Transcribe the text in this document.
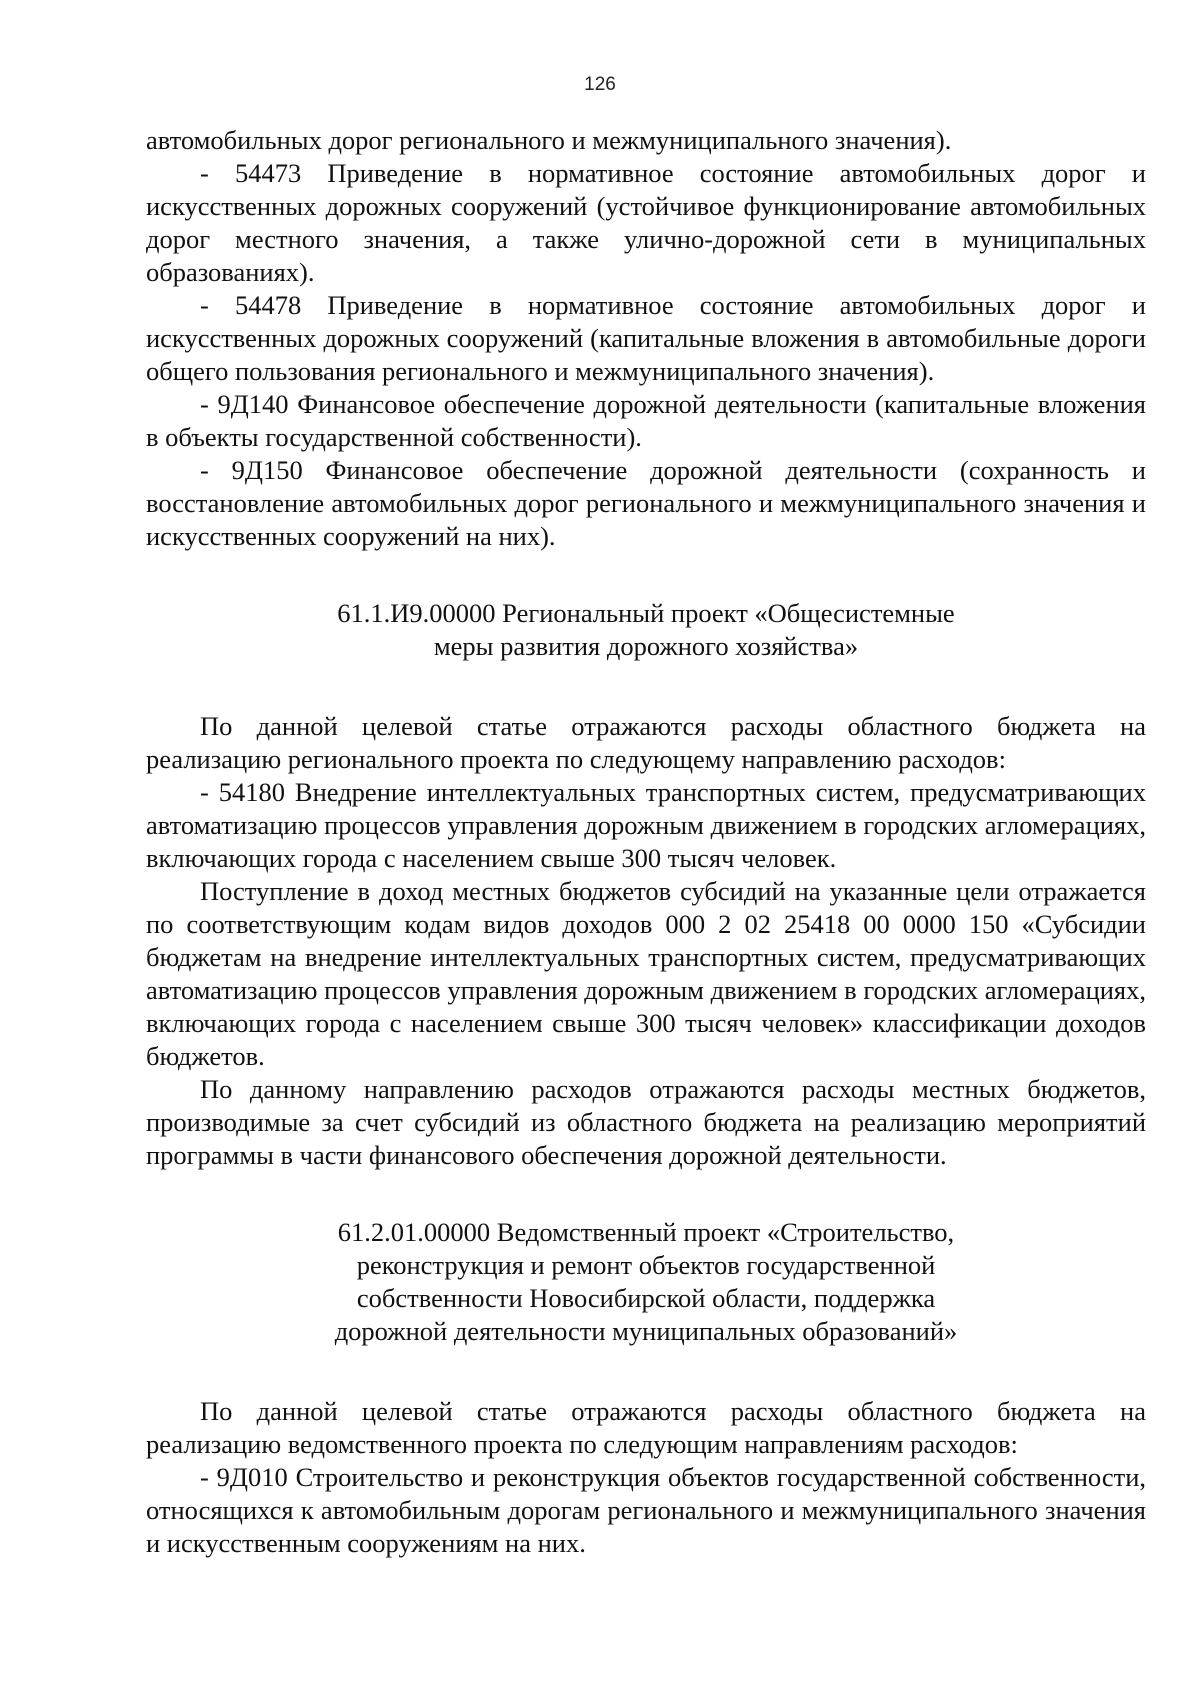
126

автомобильных дорог регионального и межмуниципального значения).

- 54473 Приведение в нормативное состояние автомобильных дорог и искусственных дорожных сооружений (устойчивое функционирование автомобильных дорог местного значения, а также улично-дорожной сети в муниципальных образованиях).

- 54478 Приведение в нормативное состояние автомобильных дорог и искусственных дорожных сооружений (капитальные вложения в автомобильные дороги общего пользования регионального и межмуниципального значения).

- 9Д140 Финансовое обеспечение дорожной деятельности (капитальные вложения в объекты государственной собственности).

- 9Д150 Финансовое обеспечение дорожной деятельности (сохранность и восстановление автомобильных дорог регионального и межмуниципального значения и искусственных сооружений на них).

61.1.И9.00000 Региональный проект «Общесистемные
меры развития дорожного хозяйства»

По данной целевой статье отражаются расходы областного бюджета на реализацию регионального проекта по следующему направлению расходов:

- 54180 Внедрение интеллектуальных транспортных систем, предусматривающих автоматизацию процессов управления дорожным движением в городских агломерациях, включающих города с населением свыше 300 тысяч человек.

Поступление в доход местных бюджетов субсидий на указанные цели отражается по соответствующим кодам видов доходов 000 2 02 25418 00 0000 150 «Субсидии бюджетам на внедрение интеллектуальных транспортных систем, предусматривающих автоматизацию процессов управления дорожным движением в городских агломерациях, включающих города с населением свыше 300 тысяч человек» классификации доходов бюджетов.

По данному направлению расходов отражаются расходы местных бюджетов, производимые за счет субсидий из областного бюджета на реализацию мероприятий программы в части финансового обеспечения дорожной деятельности.

61.2.01.00000 Ведомственный проект «Строительство,
реконструкция и ремонт объектов государственной
собственности Новосибирской области, поддержка
дорожной деятельности муниципальных образований»

По данной целевой статье отражаются расходы областного бюджета на реализацию ведомственного проекта по следующим направлениям расходов:

- 9Д010 Строительство и реконструкция объектов государственной собственности, относящихся к автомобильным дорогам регионального и межмуниципального значения и искусственным сооружениям на них.
